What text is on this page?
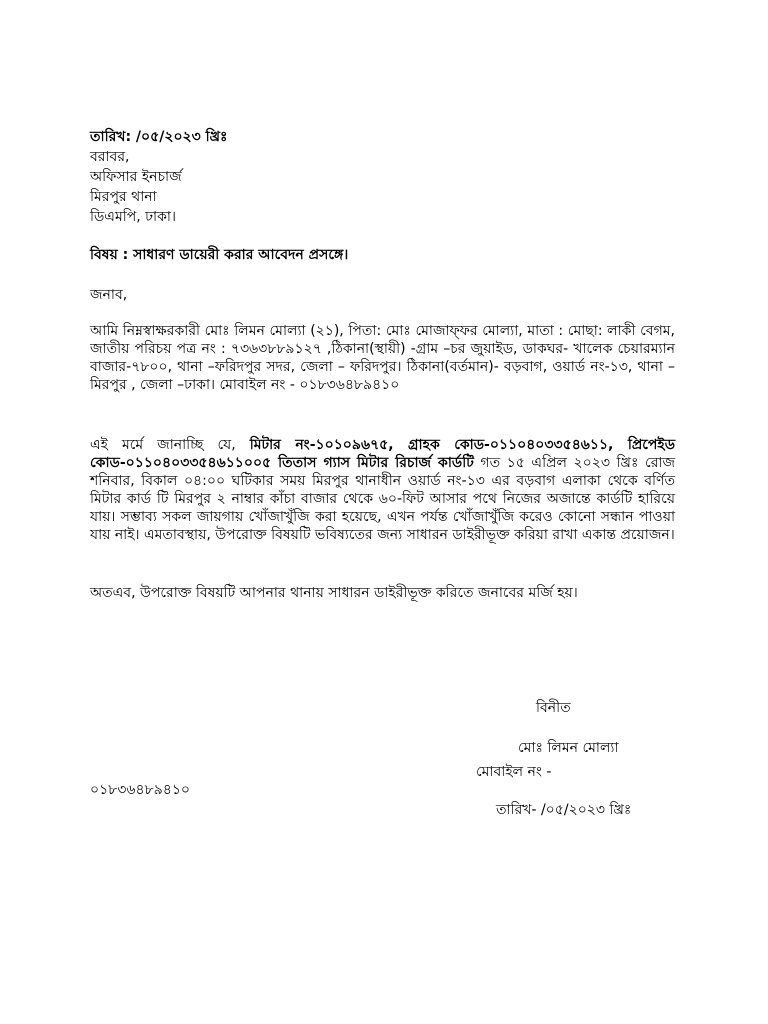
তারিখ: /০৫/২০২৩ খ্রিঃ
বরাবর,
অফিসার ইনচার্জ
মিরপুর থানা
ডিএমপি, ঢাকা।
বিষয় : সাধারণ ডায়েরী করার আবেদন প্রসঙ্গে।
জনাব,
আমি নিম্নস্বাক্ষরকারী মোঃ লিমন মোল্যা (২১), পিতা: মোঃ মোজাফ্ফর মোল্যা, মাতা : মোছা: লাকী বেগম, জাতীয় পরিচয় পত্র নং : ৭৩৬৩৮৮৯১২৭ ,ঠিকানা(স্থায়ী) -গ্রাম –চর জুয়াইড, ডাকঘর- খালেক চেয়ারম্যান বাজার-৭৮০০, থানা –ফরিদপুর সদর, জেলা – ফরিদপুর। ঠিকানা(বর্তমান)- বড়বাগ, ওয়ার্ড নং-১৩, থানা – মিরপুর , জেলা –ঢাকা। মোবাইল নং - ০১৮৩৬৪৮৯৪১০
এই মর্মে জানাচ্ছি যে, মিটার নং-১০১০৯৬৭৫, গ্রাহক কোড-০১১০৪০৩৩৫৪৬১১, প্রিপেইড কোড-০১১০৪০৩৩৫৪৬১১০০৫ তিতাস গ্যাস মিটার রিচার্জ কার্ডটি গত ১৫ এপ্রিল ২০২৩ খ্রিঃ রোজ শনিবার, বিকাল ০৪:০০ ঘটিকার সময় মিরপুর থানাধীন ওয়ার্ড নং-১৩ এর বড়বাগ এলাকা থেকে বর্ণিত মিটার কার্ড টি মিরপুর ২ নাম্বার কাঁচা বাজার থেকে ৬০-ফিট আসার পথে নিজের অজান্তে কার্ডটি হারিয়ে যায়। সম্ভাব্য সকল জায়গায় খোঁজাখুঁজি করা হয়েছে, এখন পর্যন্ত খোঁজাখুঁজি করেও কোনো সন্ধান পাওয়া যায় নাই। এমতাবস্থায়, উপরোক্ত বিষয়টি ভবিষ্যতের জন্য সাধারন ডাইরীভূক্ত করিয়া রাখা একান্ত প্রয়োজন।
অতএব, উপরোক্ত বিষয়টি আপনার থানায় সাধারন ডাইরীভূক্ত করিতে জনাবের মর্জি হয়।
বিনীত
মোঃ লিমন মোল্যা
মোবাইল নং -
০১৮৩৬৪৮৯৪১০
তারিখ- /০৫/২০২৩ খ্রিঃ
